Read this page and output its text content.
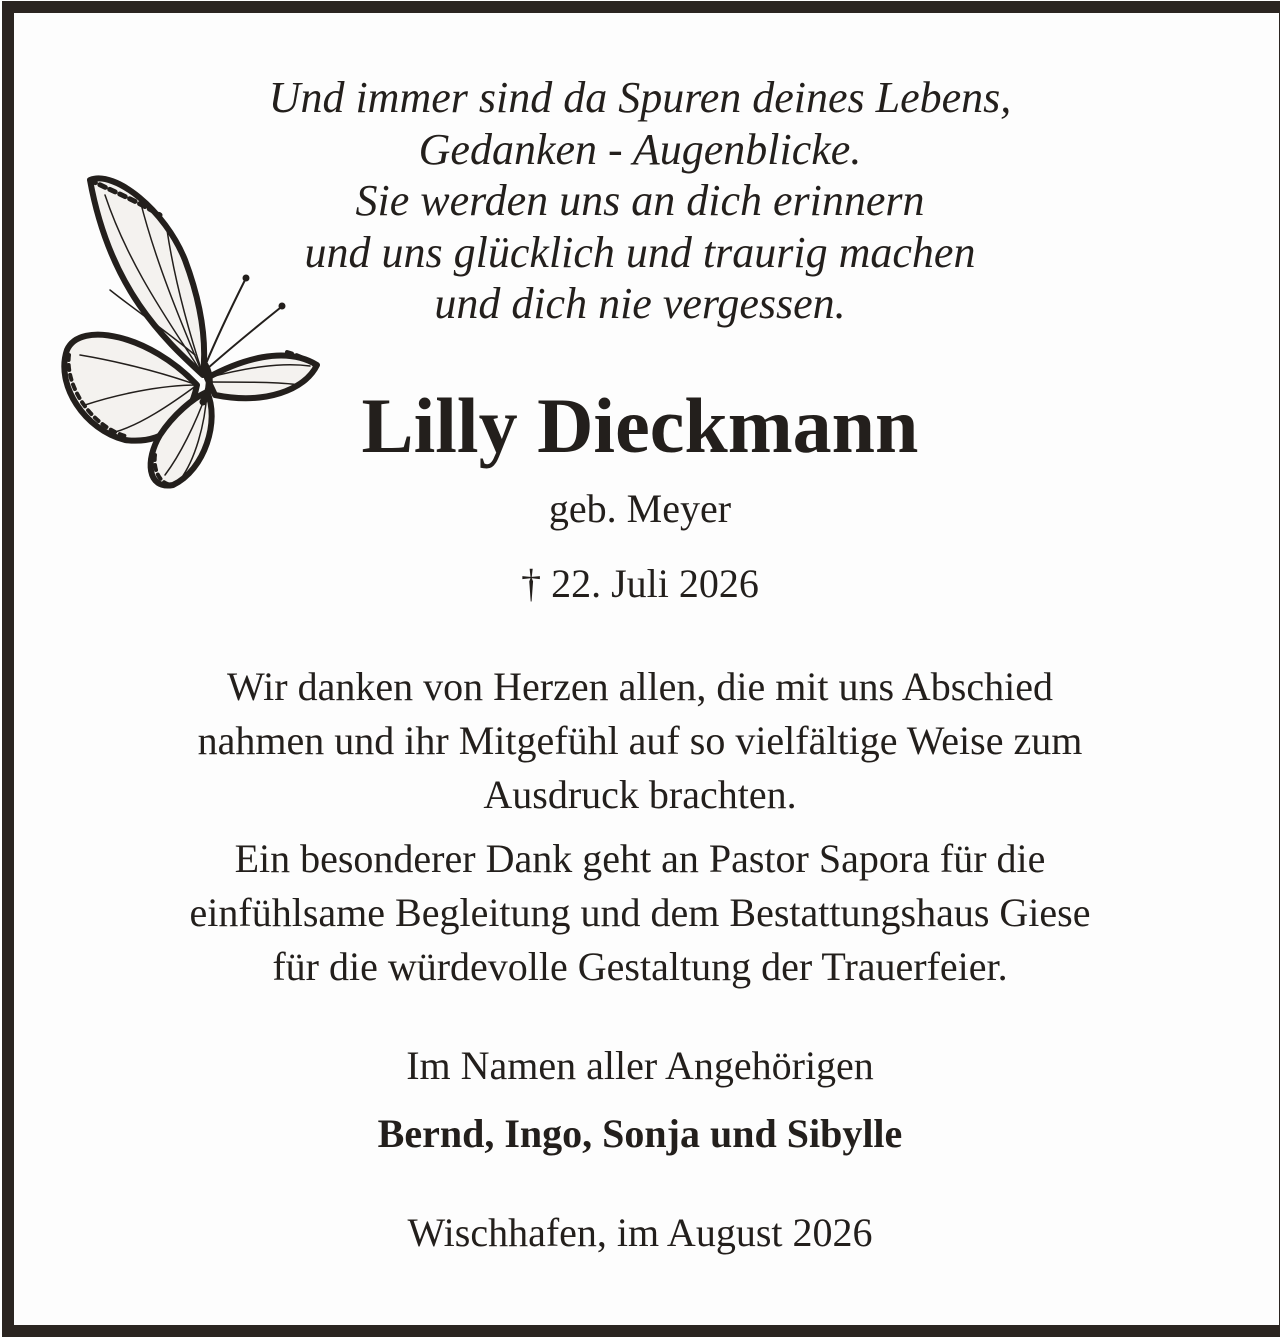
Und immer sind da Spuren deines Lebens,
Gedanken - Augenblicke.
Sie werden uns an dich erinnern
und uns glücklich und traurig machen
und dich nie vergessen.
Lilly Dieckmann
geb. Meyer
† 22. Juli 2026
Wir danken von Herzen allen, die mit uns Abschied
nahmen und ihr Mitgefühl auf so vielfältige Weise zum
Ausdruck brachten.
Ein besonderer Dank geht an Pastor Sapora für die
einfühlsame Begleitung und dem Bestattungshaus Giese
für die würdevolle Gestaltung der Trauerfeier.
Im Namen aller Angehörigen
Bernd, Ingo, Sonja und Sibylle
Wischhafen, im August 2026
